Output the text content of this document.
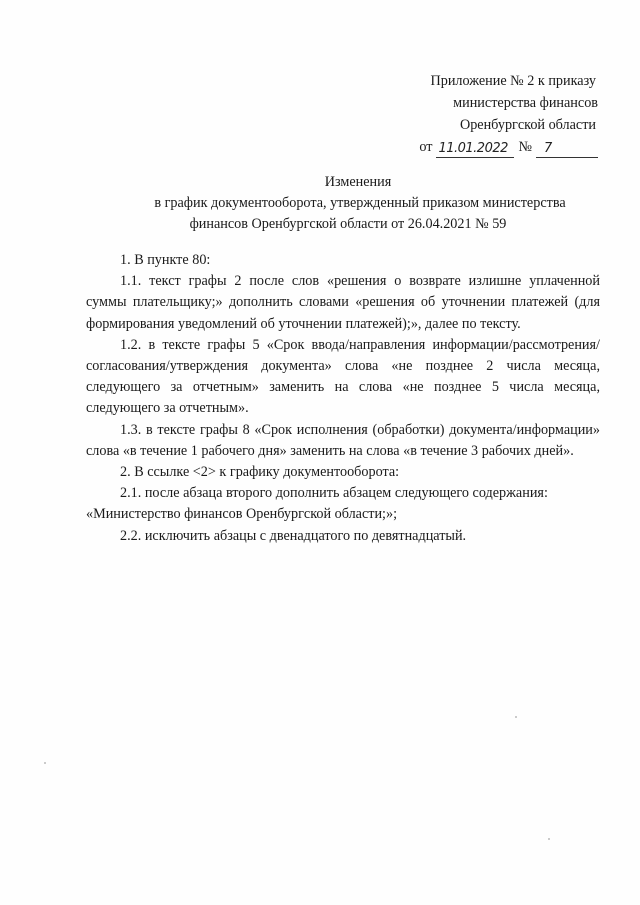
Приложение № 2 к приказу
министерства финансов
Оренбургской области
от 11.01.2022 № 7
Изменения
в график документооборота, утвержденный приказом министерства
финансов Оренбургской области от 26.04.2021 № 59

1. В пункте 80:

1.1. текст графы 2 после слов «решения о возврате излишне уплаченной суммы плательщику;» дополнить словами «решения об уточнении платежей (для формирования уведомлений об уточнении платежей);», далее по тексту.

1.2. в тексте графы 5 «Срок ввода/направления информации/рассмотрения/согласования/утверждения документа» слова «не позднее 2 числа месяца, следующего за отчетным» заменить на слова «не позднее 5 числа месяца, следующего за отчетным».

1.3. в тексте графы 8 «Срок исполнения (обработки) документа/информации» слова «в течение 1 рабочего дня» заменить на слова «в течение 3 рабочих дней».

2. В ссылке <2> к графику документооборота:

2.1. после абзаца второго дополнить абзацем следующего содержания:

«Министерство финансов Оренбургской области;»;

2.2. исключить абзацы с двенадцатого по девятнадцатый.
